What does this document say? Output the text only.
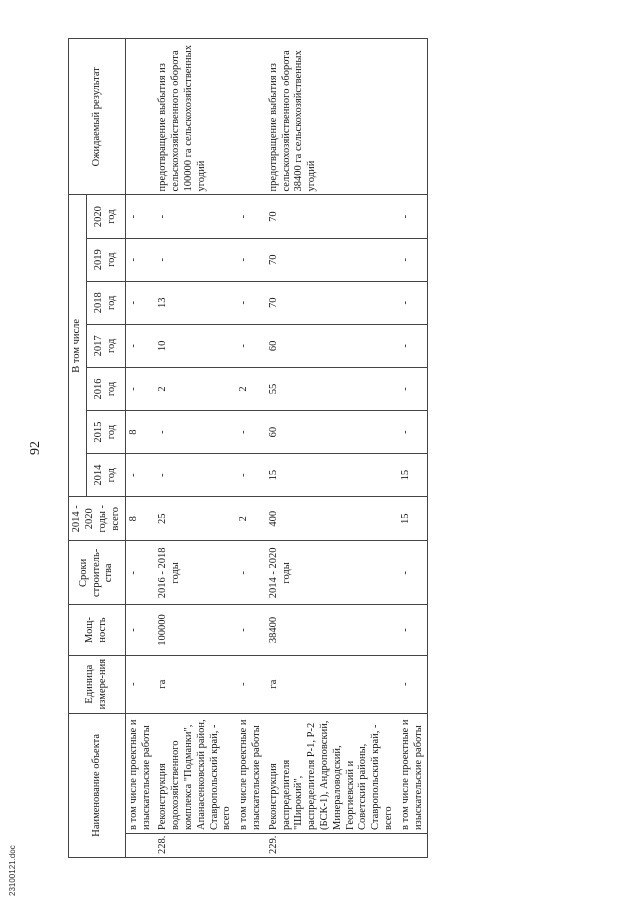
92
Наименование объекта		Единица измере-ния	Мощ-ность	Сроки строитель-ства	2014 - 2020 годы - всего	В том числе							Ожидаемый результат
						2014 год	2015 год	2016 год	2017 год	2018 год	2019 год	2020 год	
	в том числе проектные и изыскательские работы	-	-	-	8	-	8	-	-	-	-	-	
228.	Реконструкция водохозяйственного комплекса "Подманки", Апанасенковский район, Ставропольский край, - всего	га	100000	2016 - 2018 годы	25	-	-	2	10	13	-	-	предотвращение выбытия из сельскохозяйственного оборота 100000 га сельскохозяйственных угодий
	в том числе проектные и изыскательские работы	-	-	-	2	-	-	2	-	-	-	-	
229.	Реконструкция распределителя "Широкий", распределителя Р-1, Р-2 (БСК-1), Андроповский, Минераловодский, Георгиевский и Советский районы, Ставропольский край, - всего	га	38400	2014 - 2020 годы	400	15	60	55	60	70	70	70	предотвращение выбытия из сельскохозяйственного оборота 38400 га сельскохозяйственных угодий
	в том числе проектные и изыскательские работы	-	-	-	15	15	-	-	-	-	-	-	
23100121.doc
